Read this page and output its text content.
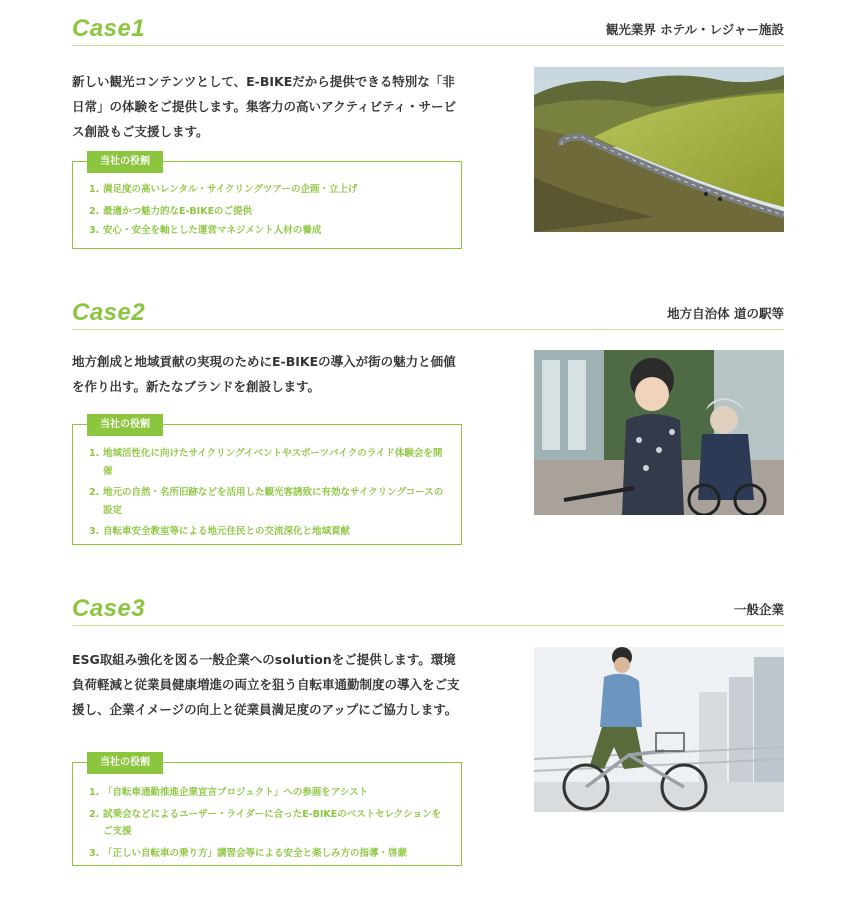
Case1	観光業界 ホテル・レジャー施設

新しい観光コンテンツとして、E-BIKEだから提供できる特別な「非日常」の体験をご提供します。集客力の高いアクティビティ・サービス創設もご支援します。

当社の役割
1. 満足度の高いレンタル・サイクリングツアーの企画・立上げ
2. 最適かつ魅力的なE-BIKEのご提供
3. 安心・安全を軸とした運営マネジメント人材の養成
Case2	地方自治体 道の駅等

地方創成と地域貢献の実現のためにE-BIKEの導入が街の魅力と価値を作り出す。新たなブランドを創設します。

当社の役割
1. 地域活性化に向けたサイクリングイベントやスポーツバイクのライド体験会を開催
2. 地元の自然・名所旧跡などを活用した観光客誘致に有効なサイクリングコースの設定
3. 自転車安全教室等による地元住民との交流深化と地域貢献
Case3	一般企業

ESG取組み強化を図る一般企業へのsolutionをご提供します。環境負荷軽減と従業員健康増進の両立を狙う自転車通勤制度の導入をご支援し、企業イメージの向上と従業員満足度のアップにご協力します。

当社の役割
1. 「自転車通勤推進企業宣言プロジェクト」への参画をアシスト
2. 試乗会などによるユーザー・ライダーに合ったE-BIKEのベストセレクションをご支援
3. 「正しい自転車の乗り方」講習会等による安全と楽しみ方の指導・啓蒙
